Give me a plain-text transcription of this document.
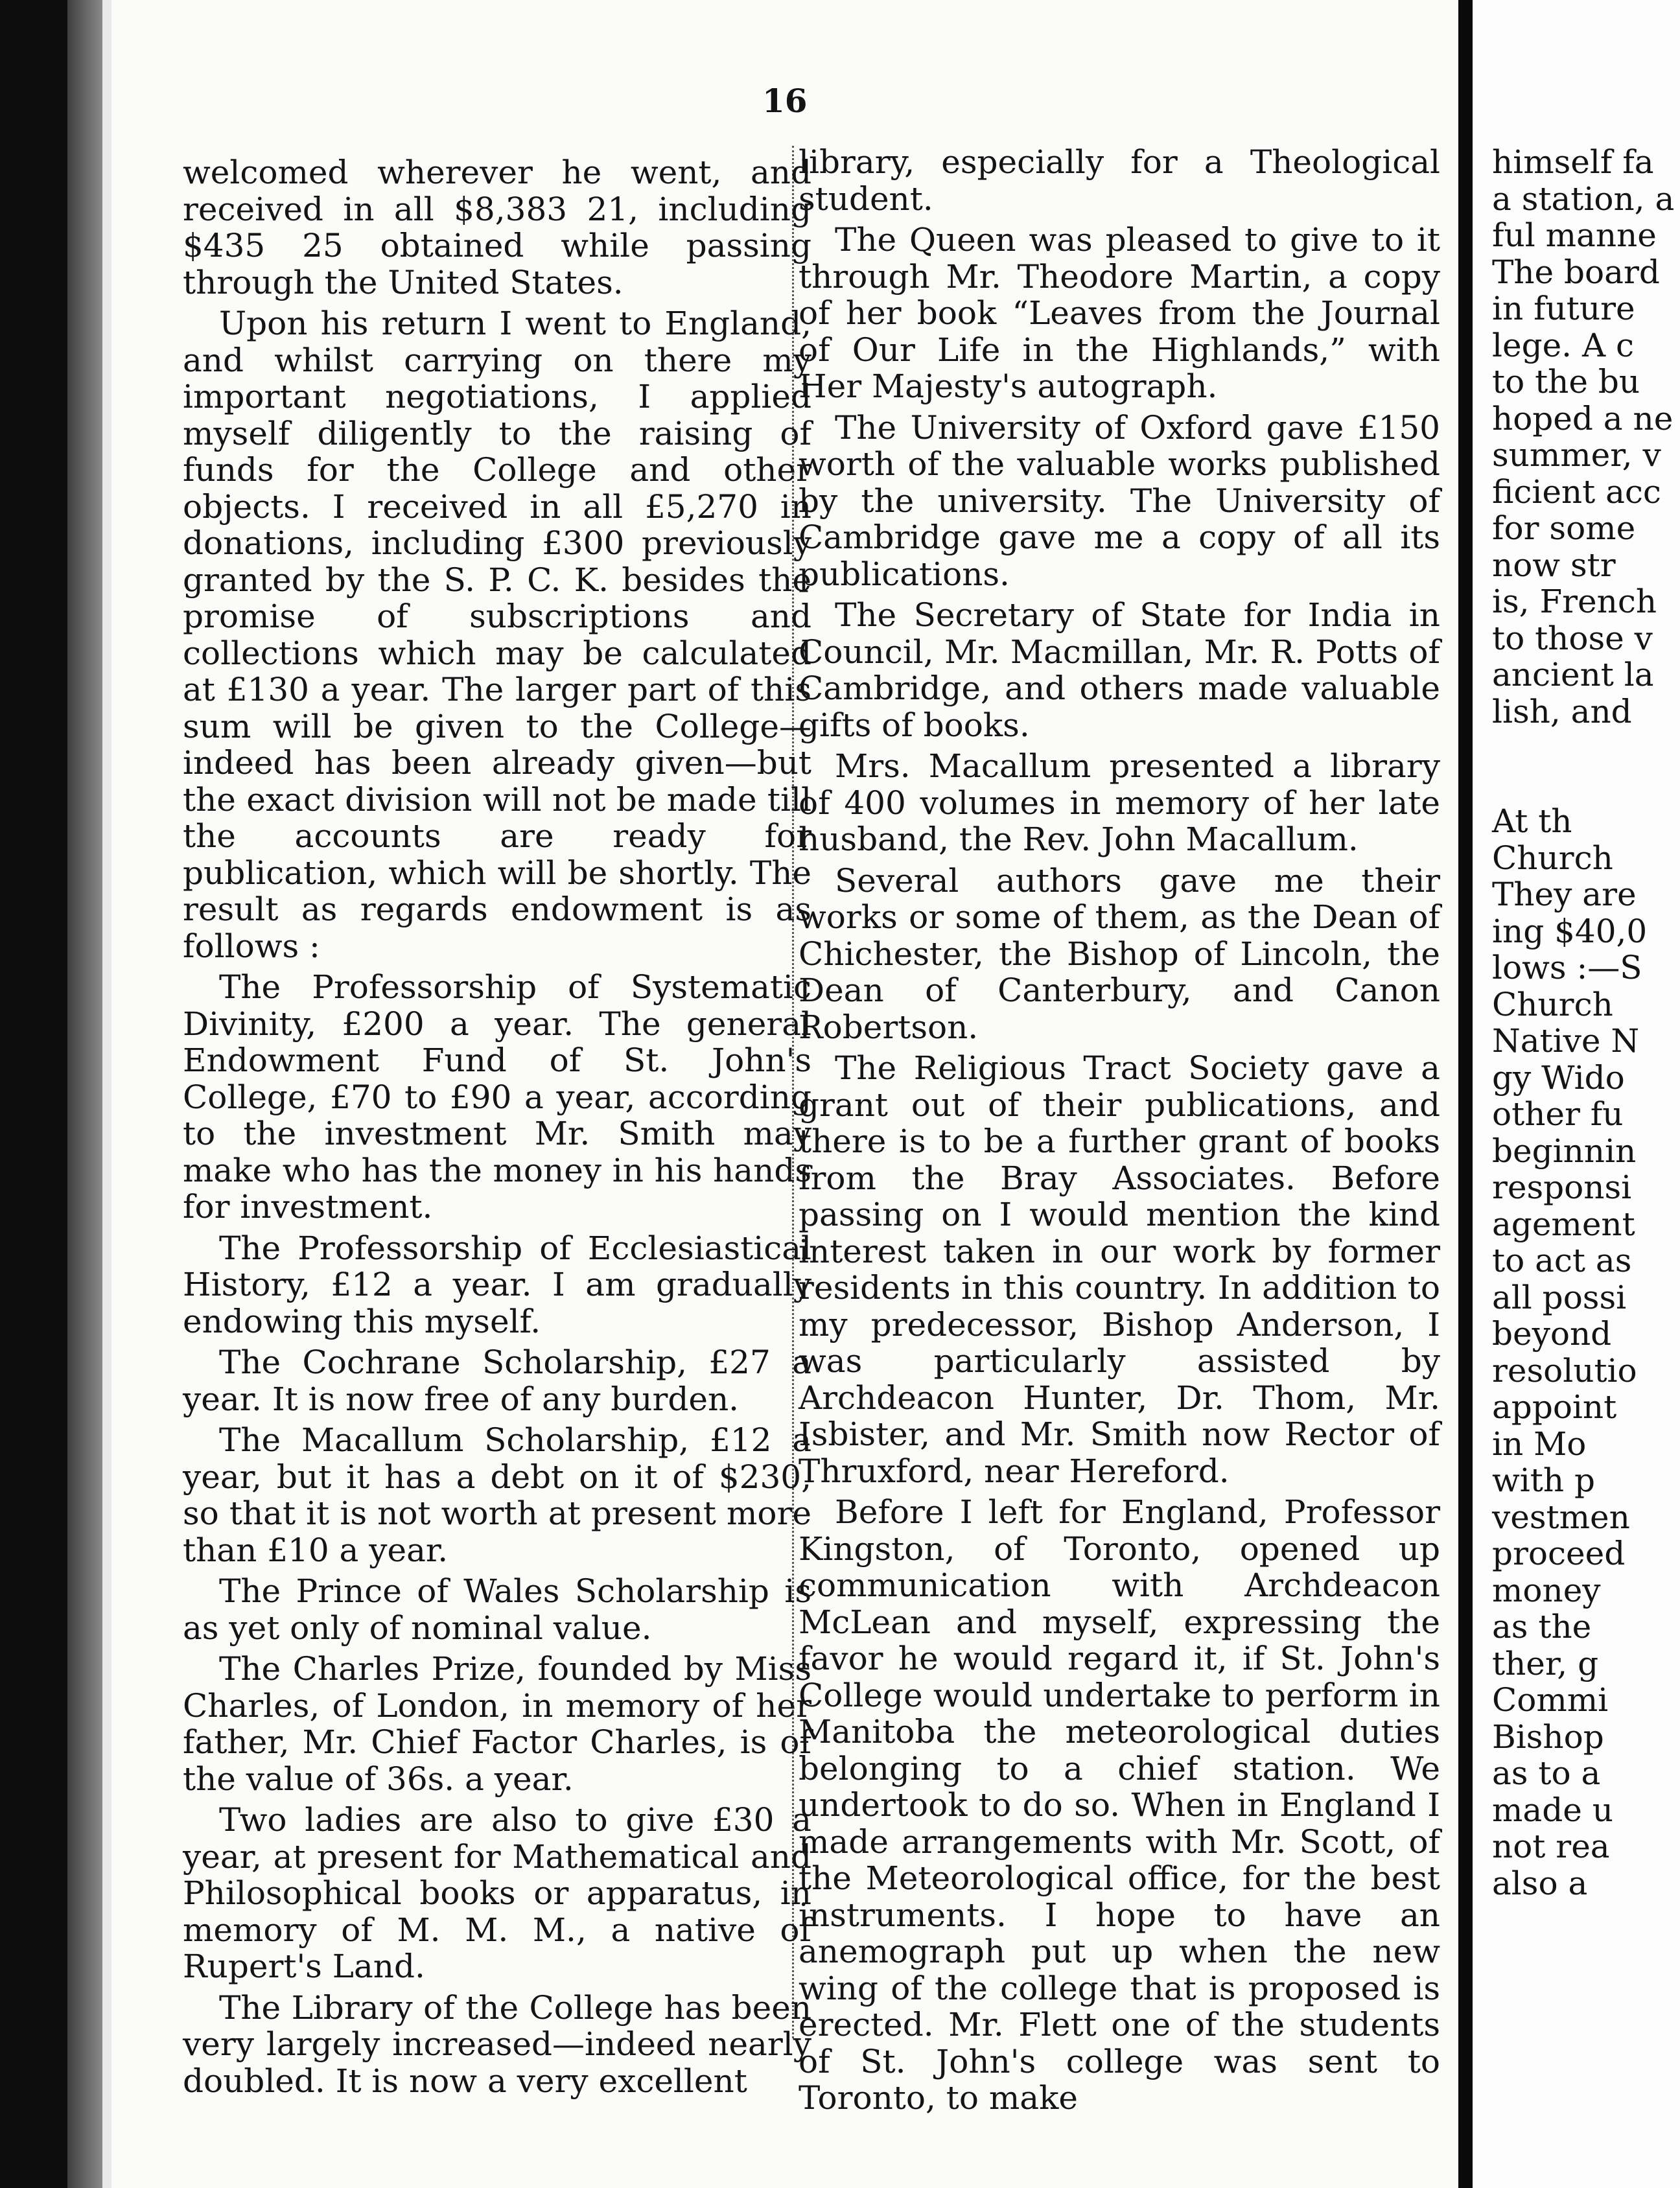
16

welcomed wherever he went, and received in all $8,383 21, including $435 25 obtained while passing through the United States.

Upon his return I went to England, and whilst carrying on there my important negotiations, I applied myself diligently to the raising of funds for the College and other objects. I received in all £5,270 in donations, including £300 previously granted by the S. P. C. K. besides the promise of subscriptions and collections which may be calculated at £130 a year. The larger part of this sum will be given to the College—indeed has been already given—but the exact division will not be made till the accounts are ready for publication, which will be shortly. The result as regards endowment is as follows :

The Professorship of Systematic Divinity, £200 a year. The general Endowment Fund of St. John's College, £70 to £90 a year, according to the investment Mr. Smith may make who has the money in his hands for investment.

The Professorship of Ecclesiastical History, £12 a year. I am gradually endowing this myself.

The Cochrane Scholarship, £27 a year. It is now free of any burden.

The Macallum Scholarship, £12 a year, but it has a debt on it of $230, so that it is not worth at present more than £10 a year.

The Prince of Wales Scholarship is as yet only of nominal value.

The Charles Prize, founded by Miss Charles, of London, in memory of her father, Mr. Chief Factor Charles, is of the value of 36s. a year.

Two ladies are also to give £30 a year, at present for Mathematical and Philosophical books or apparatus, in memory of M. M. M., a native of Rupert's Land.

The Library of the College has been very largely increased—indeed nearly doubled. It is now a very excellent

library, especially for a Theological student.

The Queen was pleased to give to it through Mr. Theodore Martin, a copy of her book “Leaves from the Journal of Our Life in the Highlands,” with Her Majesty's autograph.

The University of Oxford gave £150 worth of the valuable works published by the university. The University of Cambridge gave me a copy of all its publications.

The Secretary of State for India in Council, Mr. Macmillan, Mr. R. Potts of Cambridge, and others made valuable gifts of books.

Mrs. Macallum presented a library of 400 volumes in memory of her late husband, the Rev. John Macallum.

Several authors gave me their works or some of them, as the Dean of Chichester, the Bishop of Lincoln, the Dean of Canterbury, and Canon Robertson.

The Religious Tract Society gave a grant out of their publications, and there is to be a further grant of books from the Bray Associates. Before passing on I would mention the kind interest taken in our work by former residents in this country. In addition to my predecessor, Bishop Anderson, I was particularly assisted by Archdeacon Hunter, Dr. Thom, Mr. Isbister, and Mr. Smith now Rector of Thruxford, near Hereford.

Before I left for England, Professor Kingston, of Toronto, opened up communication with Archdeacon McLean and myself, expressing the favor he would regard it, if St. John's College would undertake to perform in Manitoba the meteorological duties belonging to a chief station. We undertook to do so. When in England I made arrangements with Mr. Scott, of the Meteorological office, for the best instruments. I hope to have an anemograph put up when the new wing of the college that is proposed is erected. Mr. Flett one of the students of St. John's college was sent to Toronto, to make

himself fa
a station, a
ful manne
The board
in future
lege. A c
to the bu
hoped a ne
summer, v
ficient acc
for some
now str
is, French
to those v
ancient la
lish, and
At th
Church
They are
ing $40,0
lows :—S
Church
Native N
gy Wido
other fu
beginnin
responsi
agement
to act as
all possi
beyond
resolutio
appoint
in Mo
with p
vestmen
proceed
money
as the
ther, g
Commi
Bishop
as to a
made u
not rea
also a
